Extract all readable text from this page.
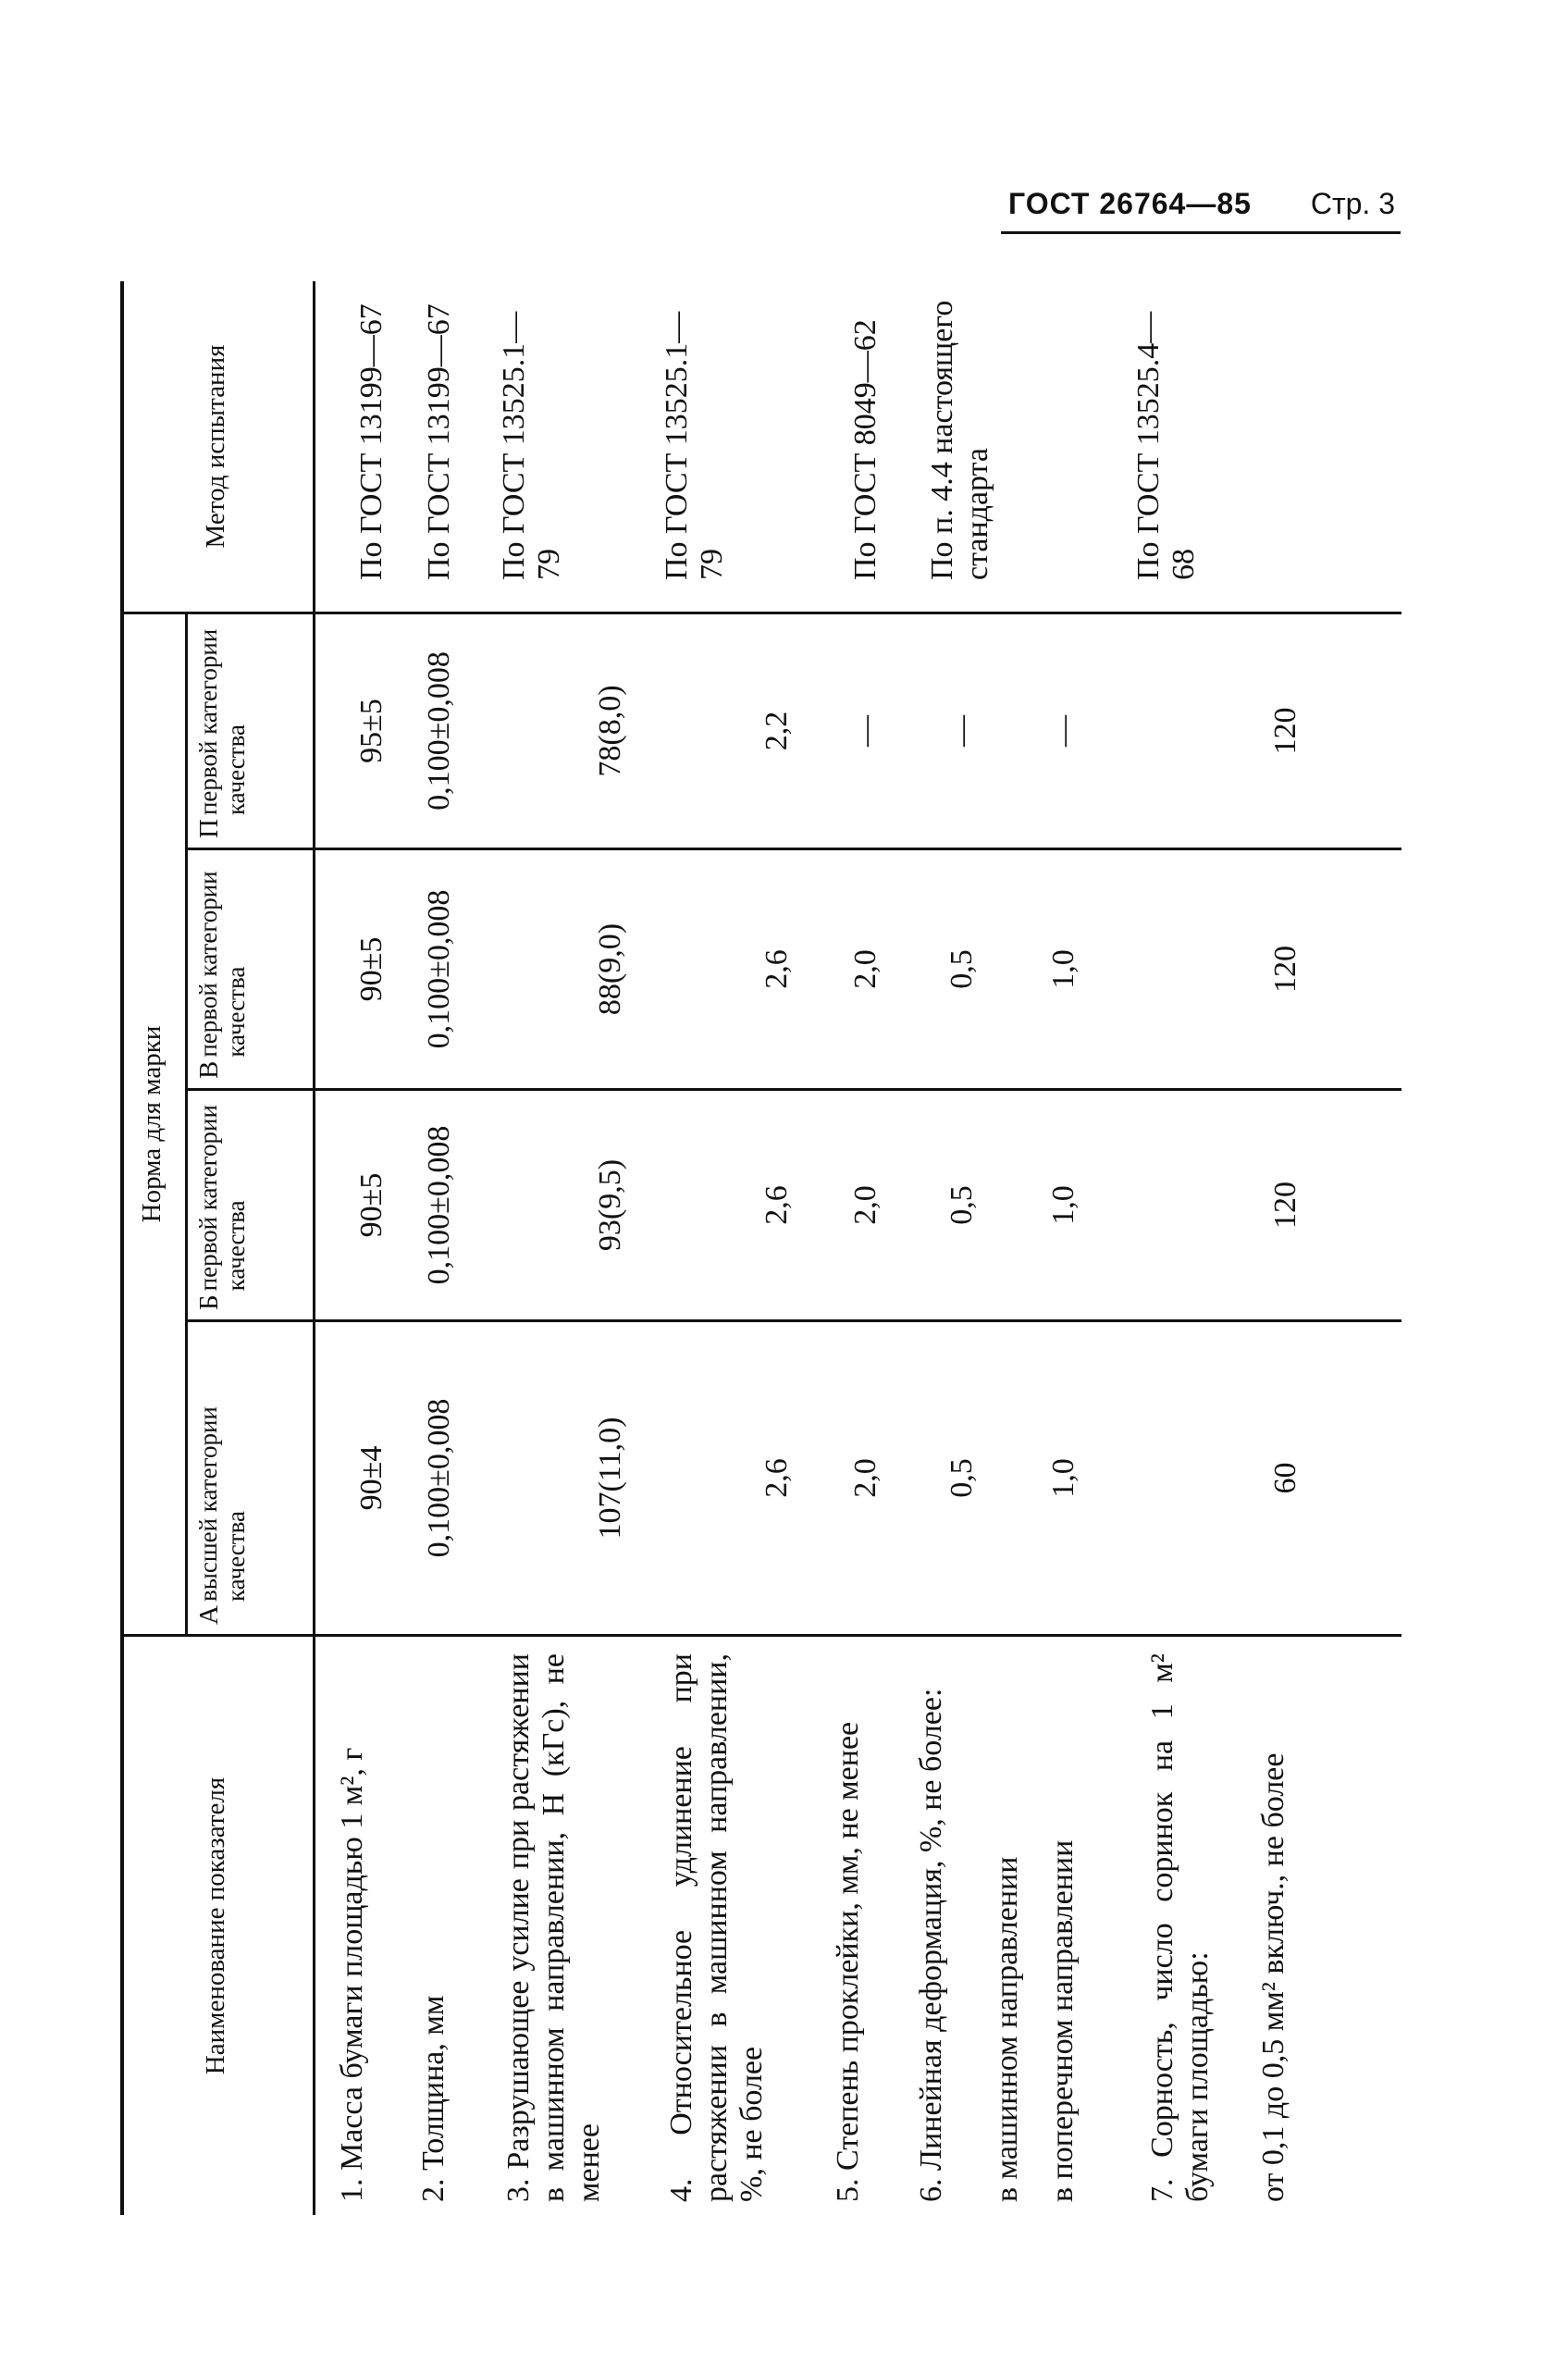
ГОСТ 26764—85 Стр. 3
Наименование показателя
Норма для марки
Метод испытания
А
высшей категории качества
Б
первой категории качества
В
первой категории качества
П
первой категории качества
1. Масса бумаги площадью 1 м², г
90±4
90±5
90±5
95±5
По ГОСТ 13199—67
2. Толщина, мм
0,100±0,008
0,100±0,008
0,100±0,008
0,100±0,008
По ГОСТ 13199—67
3. Разрушающее усилие при растяжении в машинном направлении, Н (кГс), не менее
107(11,0)
93(9,5)
88(9,0)
78(8,0)
По ГОСТ 13525.1—79
4. Относительное удлинение при растяжении в машинном направлении, %, не более
2,6
2,6
2,6
2,2
По ГОСТ 13525.1—79
5. Степень проклейки, мм, не менее
2,0
2,0
2,0
—
По ГОСТ 8049—62
6. Линейная деформация, %, не более:
По п. 4.4 настоящего стандарта
в машинном направлении
0,5
0,5
0,5
—
в поперечном направлении
1,0
1,0
1,0
—
7. Сорность, число соринок на 1 м² бумаги площадью:
По ГОСТ 13525.4—68
от 0,1 до 0,5 мм² включ., не более
60
120
120
120
